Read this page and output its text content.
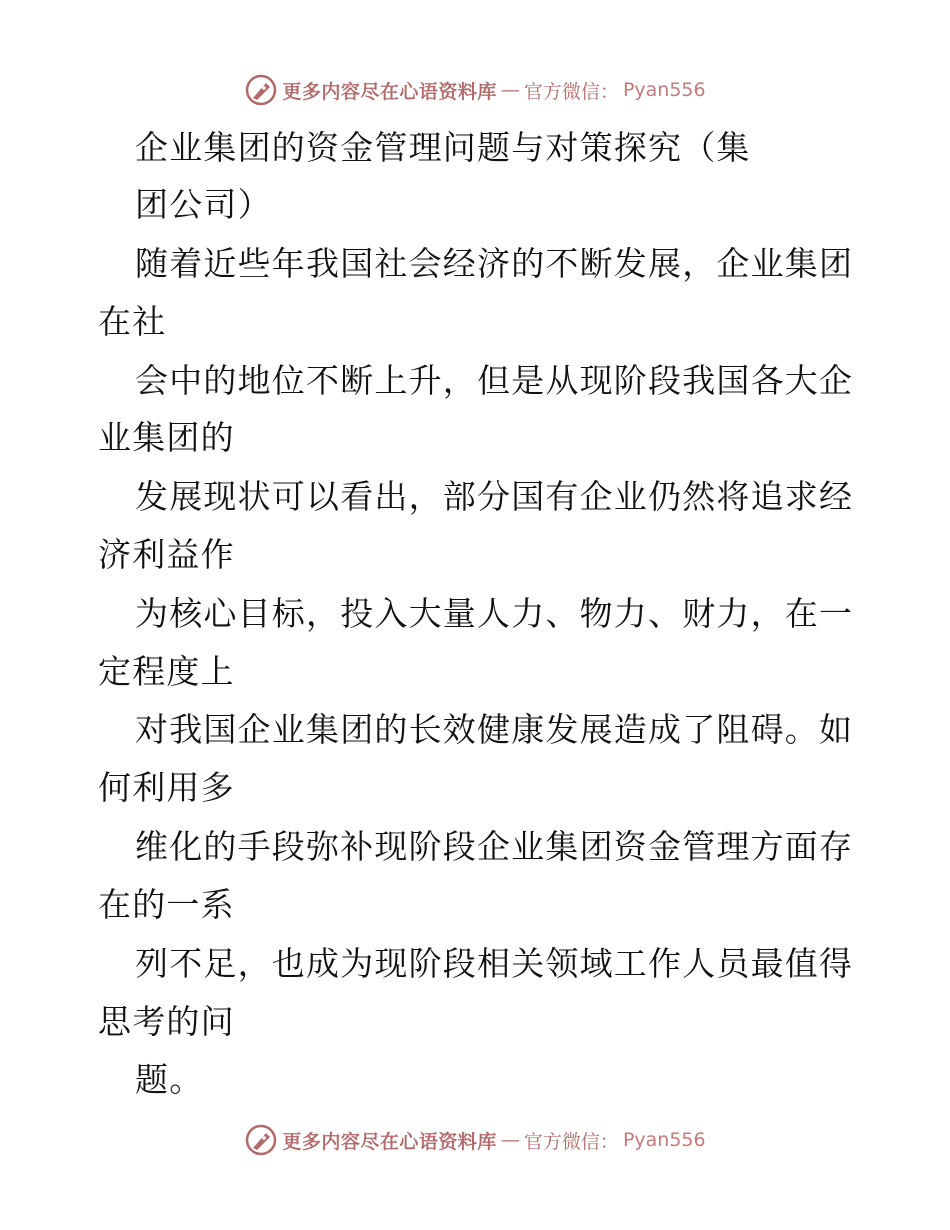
更多内容尽在心语资料库 — 官方微信： Pyan556
企业集团的资金管理问题与对策探究（集
团公司）
随着近些年我国社会经济的不断发展，企业集团
在社
会中的地位不断上升，但是从现阶段我国各大企
业集团的
发展现状可以看出，部分国有企业仍然将追求经
济利益作
为核心目标，投入大量人力、物力、财力，在一
定程度上
对我国企业集团的长效健康发展造成了阻碍。如
何利用多
维化的手段弥补现阶段企业集团资金管理方面存
在的一系
列不足，也成为现阶段相关领域工作人员最值得
思考的问
题。
更多内容尽在心语资料库 — 官方微信： Pyan556
